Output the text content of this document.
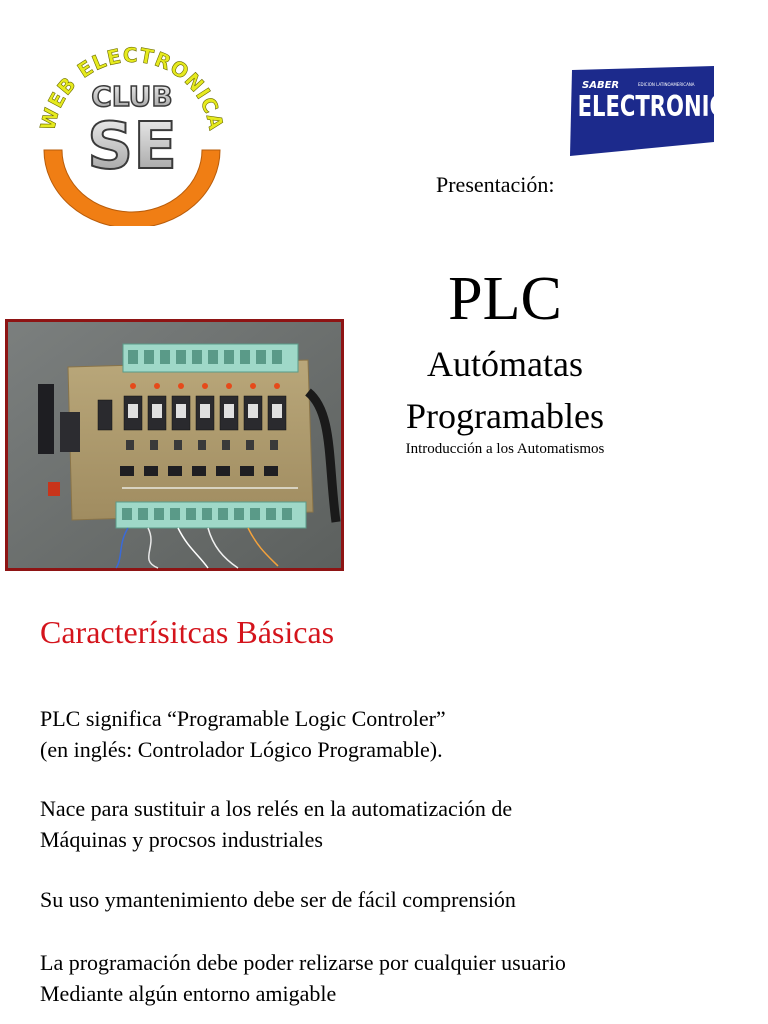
WEB ELECTRONICA
CLUB
SE
SABER	EDICION LATINOAMERICANA
ELECTRONICA
Presentación:
PLC
Autómatas
Programables
Introducción a los Automatismos
Caracterísitcas Básicas
PLC significa “Programable Logic Controler”
(en inglés: Controlador Lógico Programable).
Nace para sustituir a los relés en la automatización de
Máquinas y procsos industriales
Su uso ymantenimiento debe ser de fácil comprensión
La programación debe poder relizarse por cualquier usuario
Mediante algún entorno amigable
